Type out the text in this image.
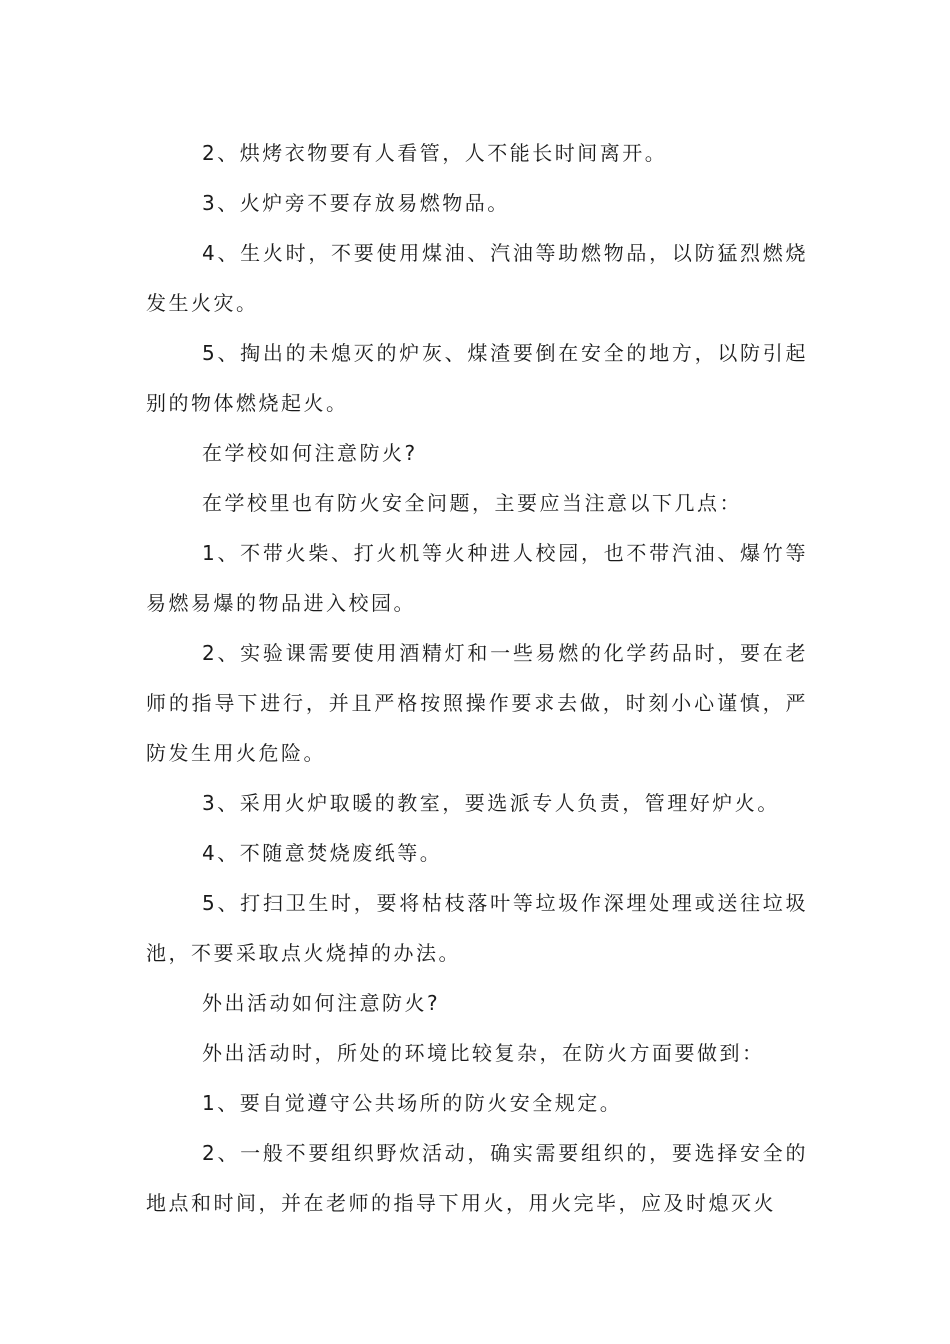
2、烘烤衣物要有人看管，人不能长时间离开。

3、火炉旁不要存放易燃物品。

4、生火时，不要使用煤油、汽油等助燃物品，以防猛烈燃烧发生火灾。

5、掏出的未熄灭的炉灰、煤渣要倒在安全的地方，以防引起别的物体燃烧起火。

在学校如何注意防火?

在学校里也有防火安全问题，主要应当注意以下几点：

1、不带火柴、打火机等火种进人校园，也不带汽油、爆竹等易燃易爆的物品进入校园。

2、实验课需要使用酒精灯和一些易燃的化学药品时，要在老师的指导下进行，并且严格按照操作要求去做，时刻小心谨慎，严防发生用火危险。

3、采用火炉取暖的教室，要选派专人负责，管理好炉火。

4、不随意焚烧废纸等。

5、打扫卫生时，要将枯枝落叶等垃圾作深埋处理或送往垃圾池，不要采取点火烧掉的办法。

外出活动如何注意防火?

外出活动时，所处的环境比较复杂，在防火方面要做到：

1、要自觉遵守公共场所的防火安全规定。

2、一般不要组织野炊活动，确实需要组织的，要选择安全的地点和时间，并在老师的指导下用火，用火完毕，应及时熄灭火
